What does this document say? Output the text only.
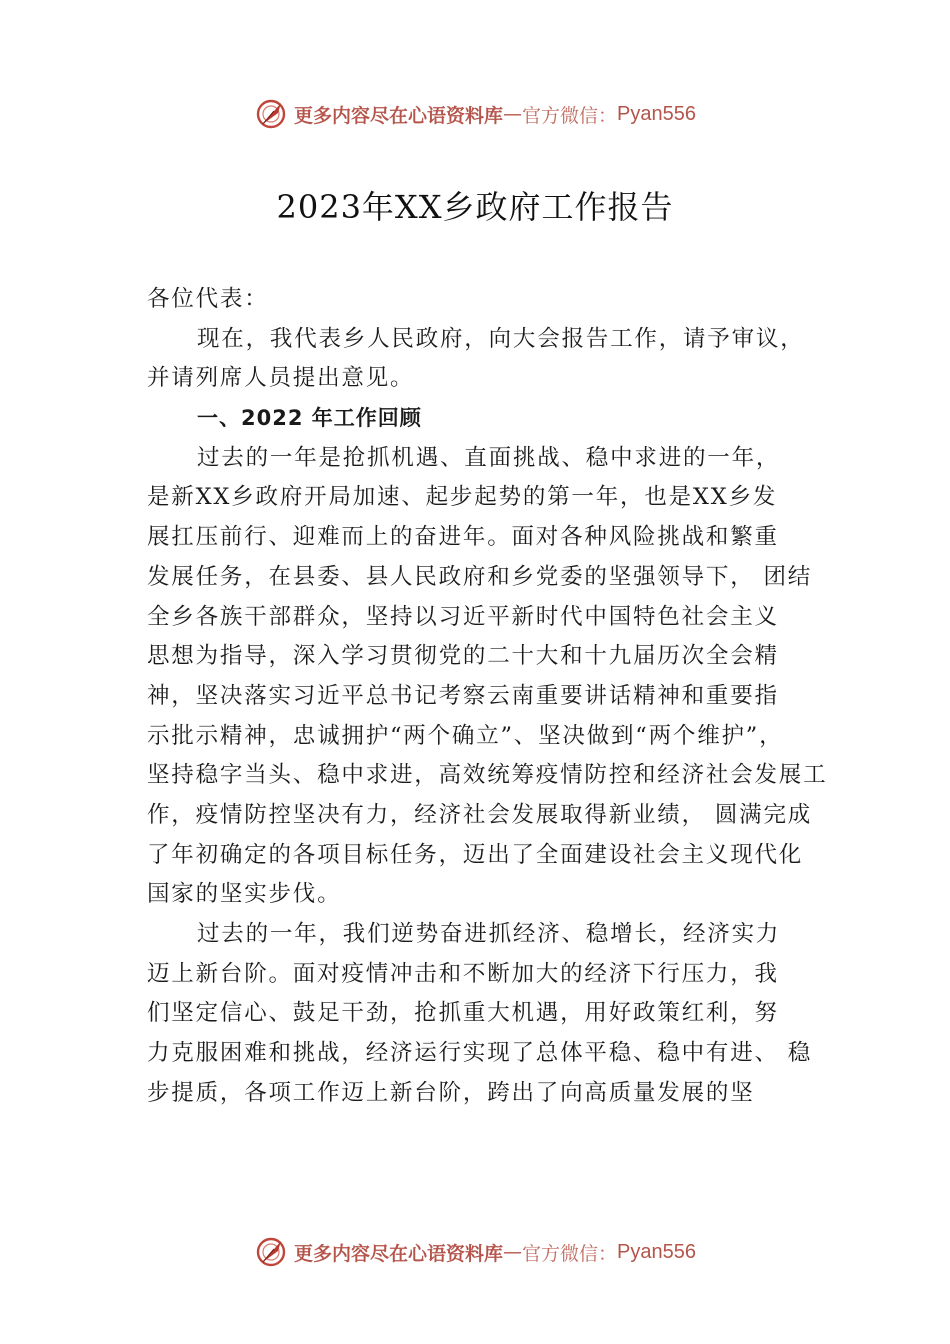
更多内容尽在心语资料库 — 官方微信： Pyan556
2023年XX乡政府工作报告
各位代表：
现在，我代表乡人民政府，向大会报告工作，请予审议，
并请列席人员提出意见。
一、2022 年工作回顾
过去的一年是抢抓机遇、直面挑战、稳中求进的一年，
是新XX乡政府开局加速、起步起势的第一年，也是XX乡发
展扛压前行、迎难而上的奋进年。面对各种风险挑战和繁重
发展任务，在县委、县人民政府和乡党委的坚强领导下， 团结
全乡各族干部群众，坚持以习近平新时代中国特色社会主义
思想为指导，深入学习贯彻党的二十大和十九届历次全会精
神，坚决落实习近平总书记考察云南重要讲话精神和重要指
示批示精神，忠诚拥护“两个确立”、坚决做到“两个维护”，
坚持稳字当头、稳中求进，高效统筹疫情防控和经济社会发展工
作，疫情防控坚决有力，经济社会发展取得新业绩， 圆满完成
了年初确定的各项目标任务，迈出了全面建设社会主义现代化
国家的坚实步伐。
过去的一年，我们逆势奋进抓经济、稳增长，经济实力
迈上新台阶。面对疫情冲击和不断加大的经济下行压力，我
们坚定信心、鼓足干劲，抢抓重大机遇，用好政策红利，努
力克服困难和挑战，经济运行实现了总体平稳、稳中有进、 稳
步提质，各项工作迈上新台阶，跨出了向高质量发展的坚
更多内容尽在心语资料库 — 官方微信： Pyan556
